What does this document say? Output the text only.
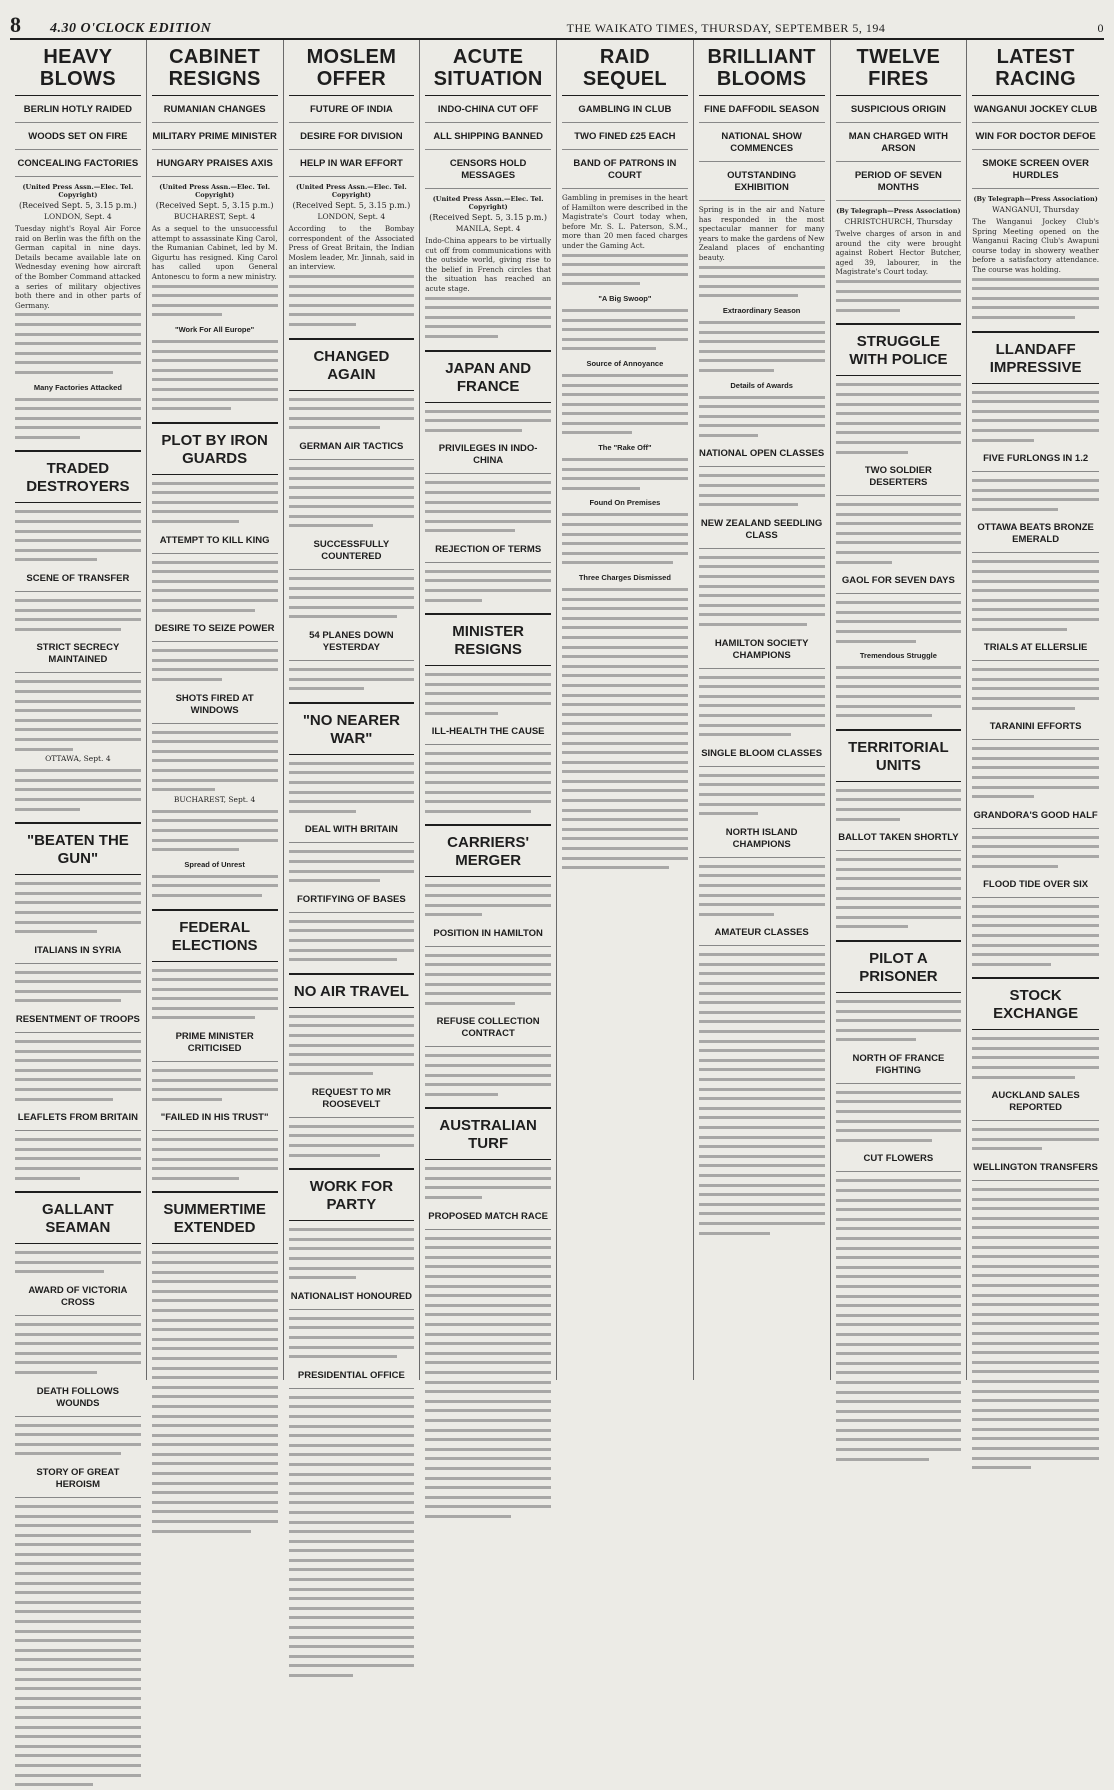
8	4.30 O'CLOCK EDITION	THE WAIKATO TIMES, THURSDAY, SEPTEMBER 5, 194	0
HEAVY BLOWS
BERLIN HOTLY RAIDED
WOODS SET ON FIRE
CONCEALING FACTORIES
(United Press Assn.—Elec. Tel. Copyright)
(Received Sept. 5, 3.15 p.m.)
LONDON, Sept. 4
Tuesday night's Royal Air Force raid on Berlin was the fifth on the German capital in nine days. Details became available late on Wednesday evening how aircraft of the Bomber Command attacked a series of military objectives both there and in other parts of Germany.
Many Factories Attacked
TRADED DESTROYERS
SCENE OF TRANSFER
STRICT SECRECY MAINTAINED
OTTAWA, Sept. 4
"BEATEN THE GUN"
ITALIANS IN SYRIA
RESENTMENT OF TROOPS
LEAFLETS FROM BRITAIN
GALLANT SEAMAN
AWARD OF VICTORIA CROSS
DEATH FOLLOWS WOUNDS
STORY OF GREAT HEROISM
CABINET RESIGNS
RUMANIAN CHANGES
MILITARY PRIME MINISTER
HUNGARY PRAISES AXIS
(United Press Assn.—Elec. Tel. Copyright)
(Received Sept. 5, 3.15 p.m.)
BUCHAREST, Sept. 4
As a sequel to the unsuccessful attempt to assassinate King Carol, the Rumanian Cabinet, led by M. Gigurtu has resigned. King Carol has called upon General Antonescu to form a new ministry.
"Work For All Europe"
PLOT BY IRON GUARDS
ATTEMPT TO KILL KING
DESIRE TO SEIZE POWER
SHOTS FIRED AT WINDOWS
BUCHAREST, Sept. 4
Spread of Unrest
FEDERAL ELECTIONS
PRIME MINISTER CRITICISED
"FAILED IN HIS TRUST"
SUMMERTIME EXTENDED
MOSLEM OFFER
FUTURE OF INDIA
DESIRE FOR DIVISION
HELP IN WAR EFFORT
(United Press Assn.—Elec. Tel. Copyright)
(Received Sept. 5, 3.15 p.m.)
LONDON, Sept. 4
According to the Bombay correspondent of the Associated Press of Great Britain, the Indian Moslem leader, Mr. Jinnah, said in an interview.
CHANGED AGAIN
GERMAN AIR TACTICS
SUCCESSFULLY COUNTERED
54 PLANES DOWN YESTERDAY
"NO NEARER WAR"
DEAL WITH BRITAIN
FORTIFYING OF BASES
NO AIR TRAVEL
REQUEST TO MR ROOSEVELT
WORK FOR PARTY
NATIONALIST HONOURED
PRESIDENTIAL OFFICE
ACUTE SITUATION
INDO-CHINA CUT OFF
ALL SHIPPING BANNED
CENSORS HOLD MESSAGES
(United Press Assn.—Elec. Tel. Copyright)
(Received Sept. 5, 3.15 p.m.)
MANILA, Sept. 4
Indo-China appears to be virtually cut off from communications with the outside world, giving rise to the belief in French circles that the situation has reached an acute stage.
JAPAN AND FRANCE
PRIVILEGES IN INDO-CHINA
REJECTION OF TERMS
MINISTER RESIGNS
ILL-HEALTH THE CAUSE
CARRIERS' MERGER
POSITION IN HAMILTON
REFUSE COLLECTION CONTRACT
AUSTRALIAN TURF
PROPOSED MATCH RACE
RAID SEQUEL
GAMBLING IN CLUB
TWO FINED £25 EACH
BAND OF PATRONS IN COURT
Gambling in premises in the heart of Hamilton were described in the Magistrate's Court today when, before Mr. S. L. Paterson, S.M., more than 20 men faced charges under the Gaming Act.
"A Big Swoop"
Source of Annoyance
The "Rake Off"
Found On Premises
Three Charges Dismissed
BRILLIANT BLOOMS
FINE DAFFODIL SEASON
NATIONAL SHOW COMMENCES
OUTSTANDING EXHIBITION
Spring is in the air and Nature has responded in the most spectacular manner for many years to make the gardens of New Zealand places of enchanting beauty.
Extraordinary Season
Details of Awards
NATIONAL OPEN CLASSES
NEW ZEALAND SEEDLING CLASS
HAMILTON SOCIETY CHAMPIONS
SINGLE BLOOM CLASSES
NORTH ISLAND CHAMPIONS
AMATEUR CLASSES
TWELVE FIRES
SUSPICIOUS ORIGIN
MAN CHARGED WITH ARSON
PERIOD OF SEVEN MONTHS
(By Telegraph—Press Association)
CHRISTCHURCH, Thursday
Twelve charges of arson in and around the city were brought against Robert Hector Butcher, aged 39, labourer, in the Magistrate's Court today.
STRUGGLE WITH POLICE
TWO SOLDIER DESERTERS
GAOL FOR SEVEN DAYS
Tremendous Struggle
TERRITORIAL UNITS
BALLOT TAKEN SHORTLY
PILOT A PRISONER
NORTH OF FRANCE FIGHTING
CUT FLOWERS
LATEST RACING
WANGANUI JOCKEY CLUB
WIN FOR DOCTOR DEFOE
SMOKE SCREEN OVER HURDLES
(By Telegraph—Press Association)
WANGANUI, Thursday
The Wanganui Jockey Club's Spring Meeting opened on the Wanganui Racing Club's Awapuni course today in showery weather before a satisfactory attendance. The course was holding.
LLANDAFF IMPRESSIVE
FIVE FURLONGS IN 1.2
OTTAWA BEATS BRONZE EMERALD
TRIALS AT ELLERSLIE
TARANINI EFFORTS
GRANDORA'S GOOD HALF
FLOOD TIDE OVER SIX
STOCK EXCHANGE
AUCKLAND SALES REPORTED
WELLINGTON TRANSFERS
